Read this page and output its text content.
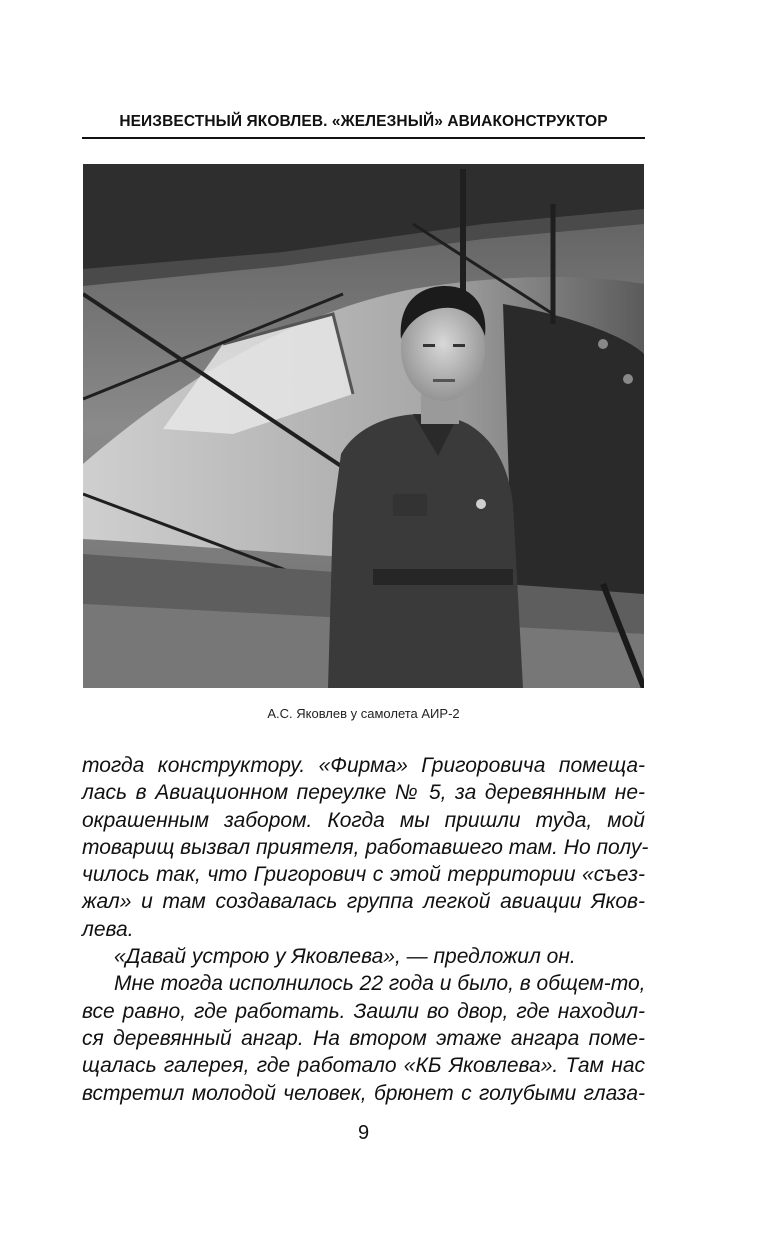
НЕИЗВЕСТНЫЙ ЯКОВЛЕВ. «ЖЕЛЕЗНЫЙ» АВИАКОНСТРУКТОР
А.С. Яковлев у самолета АИР-2
тогда конструктору. «Фирма» Григоровича помеща-
лась в Авиационном переулке № 5, за деревянным не-
окрашенным забором. Когда мы пришли туда, мой
товарищ вызвал приятеля, работавшего там. Но полу-
чилось так, что Григорович с этой территории «съез-
жал» и там создавалась группа легкой авиации Яков-
лева.
«Давай устрою у Яковлева», — предложил он.
Мне тогда исполнилось 22 года и было, в общем-то,
все равно, где работать. Зашли во двор, где находил-
ся деревянный ангар. На втором этаже ангара поме-
щалась галерея, где работало «КБ Яковлева». Там нас
встретил молодой человек, брюнет с голубыми глаза-
9
